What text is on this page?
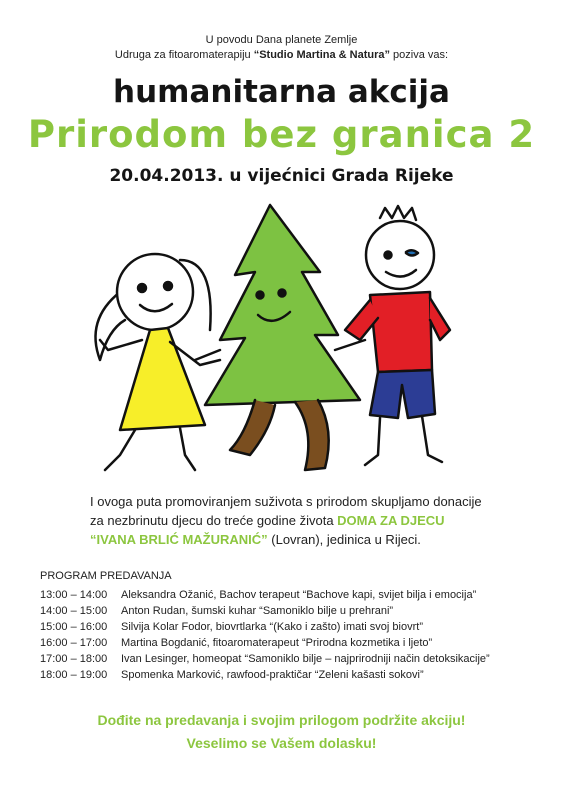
U povodu Dana planete Zemlje
Udruga za fitoaromaterapiju “Studio Martina & Natura” poziva vas:
humanitarna akcija
Prirodom bez granica 2
20.04.2013. u vijećnici Grada Rijeke
I ovoga puta promoviranjem suživota s prirodom skupljamo donacije za nezbrinutu djecu do treće godine života DOMA ZA DJECU “IVANA BRLIĆ MAŽURANIĆ” (Lovran), jedinica u Rijeci.
PROGRAM PREDAVANJA
13:00 – 14:00 Aleksandra Ožanić, Bachov terapeut “Bachove kapi, svijet bilja i emocija”
14:00 – 15:00 Anton Rudan, šumski kuhar “Samoniklo bilje u prehrani”
15:00 – 16:00 Silvija Kolar Fodor, biovrtlarka “(Kako i zašto) imati svoj biovrt”
16:00 – 17:00 Martina Bogdanić, fitoaromaterapeut “Prirodna kozmetika i ljeto”
17:00 – 18:00 Ivan Lesinger, homeopat “Samoniklo bilje – najprirodniji način detoksikacije”
18:00 – 19:00 Spomenka Marković, rawfood-praktičar “Zeleni kašasti sokovi”
Dođite na predavanja i svojim prilogom podržite akciju!
Veselimo se Vašem dolasku!
